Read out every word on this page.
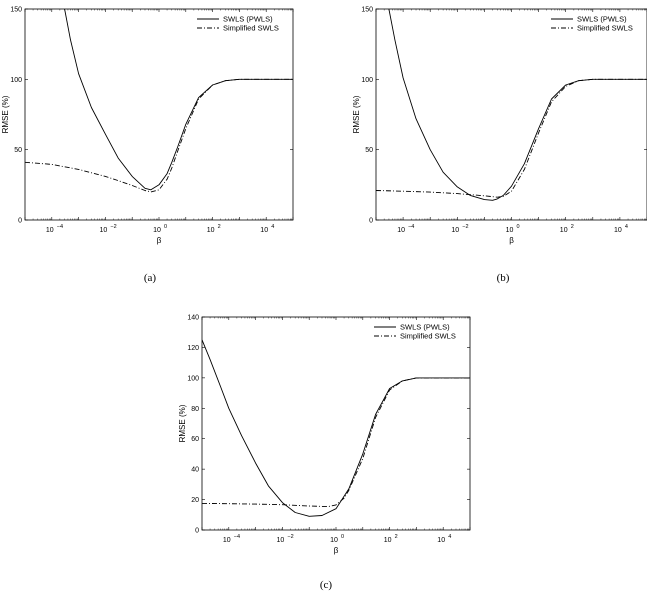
0
50
100
150
10 −4	10 −2	10 0	10 2	10 4
β
RMSE (%)
SWLS (PWLS)
Simplified SWLS
(a)
0
50
100
150
10 −4	10 −2	10 0	10 2	10 4
β
RMSE (%)
SWLS (PWLS)
Simplified SWLS
(b)
0
20
40
60
80
100
120
140
10 −4	10 −2	10 0	10 2	10 4
β
RMSE (%)
SWLS (PWLS)
Simplified SWLS
(c)
